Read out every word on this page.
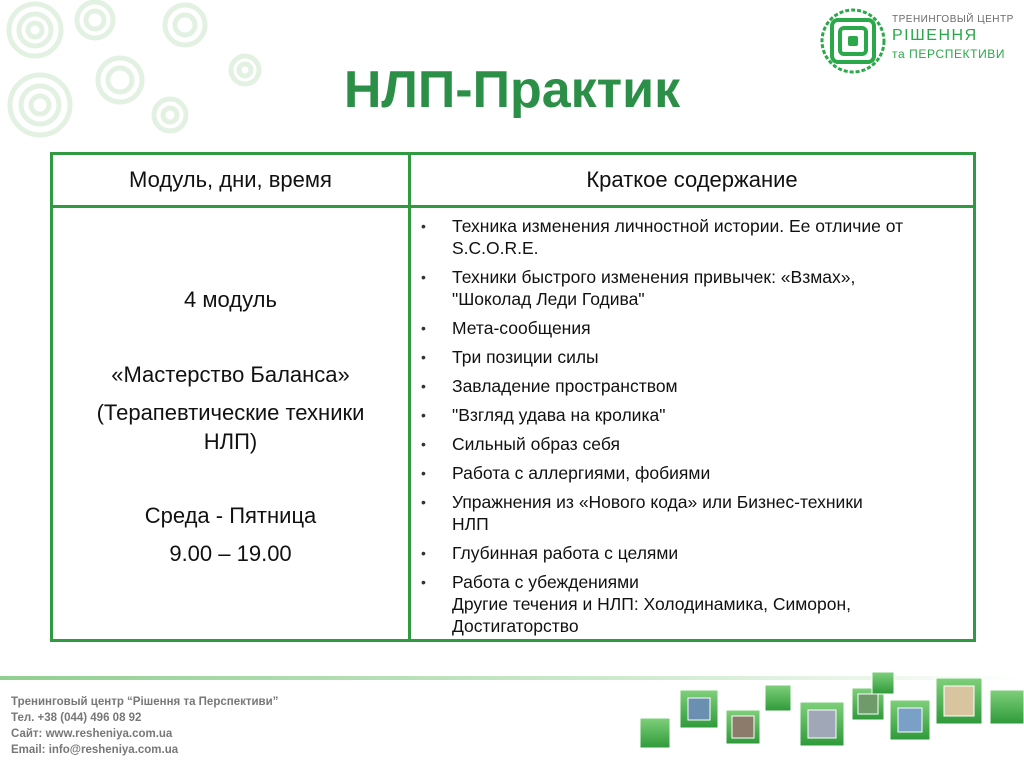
ТРЕНИНГОВЫЙ ЦЕНТР
РІШЕННЯ
та ПЕРСПЕКТИВИ
НЛП-Практик
Модуль, дни, время	Краткое содержание
4 модуль
«Мастерство Баланса»
(Терапевтические техники
НЛП)
Среда - Пятница
9.00 – 19.00
• Техника изменения личностной истории. Ее отличие от
S.C.O.R.E.
• Техники быстрого изменения привычек: «Взмах»,
"Шоколад Леди Годива"
• Мета-сообщения
• Три позиции силы
• Завладение пространством
• "Взгляд удава на кролика"
• Сильный образ себя
• Работа с аллергиями, фобиями
• Упражнения из «Нового кода» или Бизнес-техники
НЛП
• Глубинная работа с целями
• Работа с убеждениями
Другие течения и НЛП: Холодинамика, Симорон,
Достигаторство
Тренинговый центр “Рішення та Перспективи”
Тел. +38 (044) 496 08 92
Сайт: www.resheniya.com.ua
Email: info@resheniya.com.ua
